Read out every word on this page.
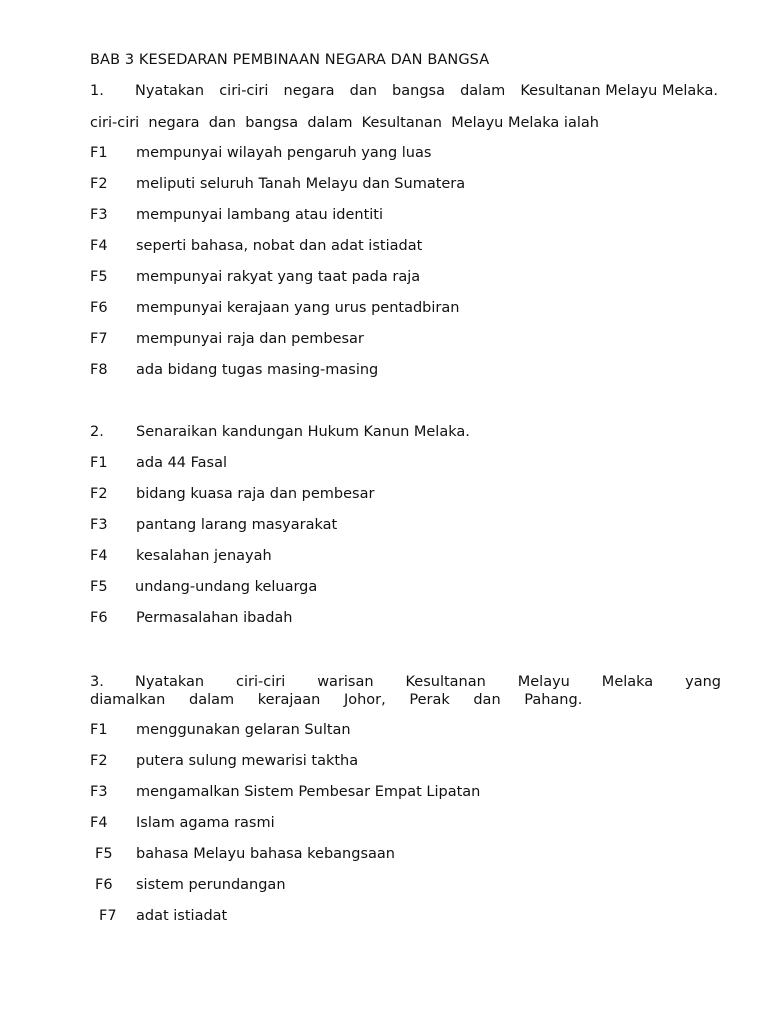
BAB 3 KESEDARAN PEMBINAAN NEGARA DAN BANGSA
1.	Nyatakan ciri-ciri negara dan bangsa dalam Kesultanan Melayu Melaka.
ciri-ciri  negara  dan  bangsa  dalam  Kesultanan  Melayu Melaka ialah
F1 mempunyai wilayah pengaruh yang luas
F2 meliputi seluruh Tanah Melayu dan Sumatera
F3 mempunyai lambang atau identiti
F4 seperti bahasa, nobat dan adat istiadat
F5 mempunyai rakyat yang taat pada raja
F6 mempunyai kerajaan yang urus pentadbiran
F7 mempunyai raja dan pembesar
F8 ada bidang tugas masing-masing
2. Senaraikan kandungan Hukum Kanun Melaka.
F1 ada 44 Fasal
F2 bidang kuasa raja dan pembesar
F3 pantang larang masyarakat
F4 kesalahan jenayah
F5 undang-undang keluarga
F6 Permasalahan ibadah
3. Nyatakan ciri-ciri warisan Kesultanan Melayu Melaka yang diamalkan dalam kerajaan Johor, Perak dan Pahang.
F1 menggunakan gelaran Sultan
F2 putera sulung mewarisi taktha
F3 mengamalkan Sistem Pembesar Empat Lipatan
F4 Islam agama rasmi
F5 bahasa Melayu bahasa kebangsaan
F6 sistem perundangan
F7 adat istiadat
